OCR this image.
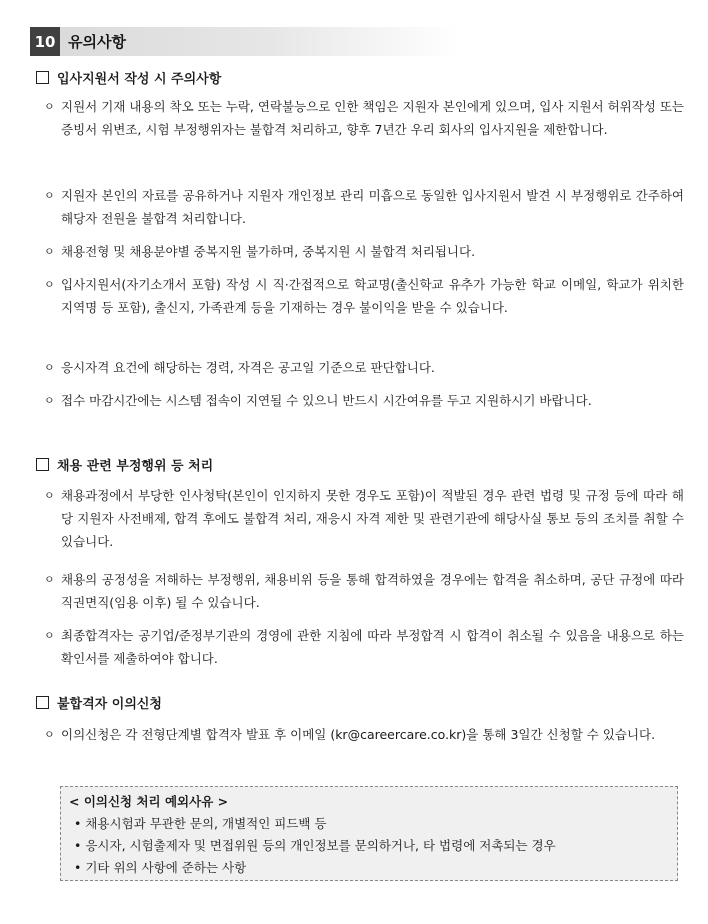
10 유의사항
입사지원서 작성 시 주의사항
ㅇ 지원서 기재 내용의 착오 또는 누락, 연락불능으로 인한 책임은 지원자 본인에게 있으며, 입사 지원서 허위작성 또는 증빙서 위변조, 시험 부정행위자는 불합격 처리하고, 향후 7년간 우리 회사의 입사지원을 제한합니다.
ㅇ 지원자 본인의 자료를 공유하거나 지원자 개인정보 관리 미흡으로 동일한 입사지원서 발견 시 부정행위로 간주하여 해당자 전원을 불합격 처리합니다.
ㅇ 채용전형 및 채용분야별 중복지원 불가하며, 중복지원 시 불합격 처리됩니다.
ㅇ 입사지원서(자기소개서 포함) 작성 시 직·간접적으로 학교명(출신학교 유추가 가능한 학교 이메일, 학교가 위치한 지역명 등 포함), 출신지, 가족관계 등을 기재하는 경우 불이익을 받을 수 있습니다.
ㅇ 응시자격 요건에 해당하는 경력, 자격은 공고일 기준으로 판단합니다.
ㅇ 접수 마감시간에는 시스템 접속이 지연될 수 있으니 반드시 시간여유를 두고 지원하시기 바랍니다.
채용 관련 부정행위 등 처리
ㅇ 채용과정에서 부당한 인사청탁(본인이 인지하지 못한 경우도 포함)이 적발된 경우 관련 법령 및 규정 등에 따라 해당 지원자 사전배제, 합격 후에도 불합격 처리, 재응시 자격 제한 및 관련기관에 해당사실 통보 등의 조치를 취할 수 있습니다.
ㅇ 채용의 공정성을 저해하는 부정행위, 채용비위 등을 통해 합격하였을 경우에는 합격을 취소하며, 공단 규정에 따라 직권면직(임용 이후) 될 수 있습니다.
ㅇ 최종합격자는 공기업/준정부기관의 경영에 관한 지침에 따라 부정합격 시 합격이 취소될 수 있음을 내용으로 하는 확인서를 제출하여야 합니다.
불합격자 이의신청
ㅇ 이의신청은 각 전형단계별 합격자 발표 후 이메일 (kr@careercare.co.kr)을 통해 3일간 신청할 수 있습니다.
< 이의신청 처리 예외사유 >
• 채용시험과 무관한 문의, 개별적인 피드백 등
• 응시자, 시험출제자 및 면접위원 등의 개인정보를 문의하거나, 타 법령에 저촉되는 경우
• 기타 위의 사항에 준하는 사항
